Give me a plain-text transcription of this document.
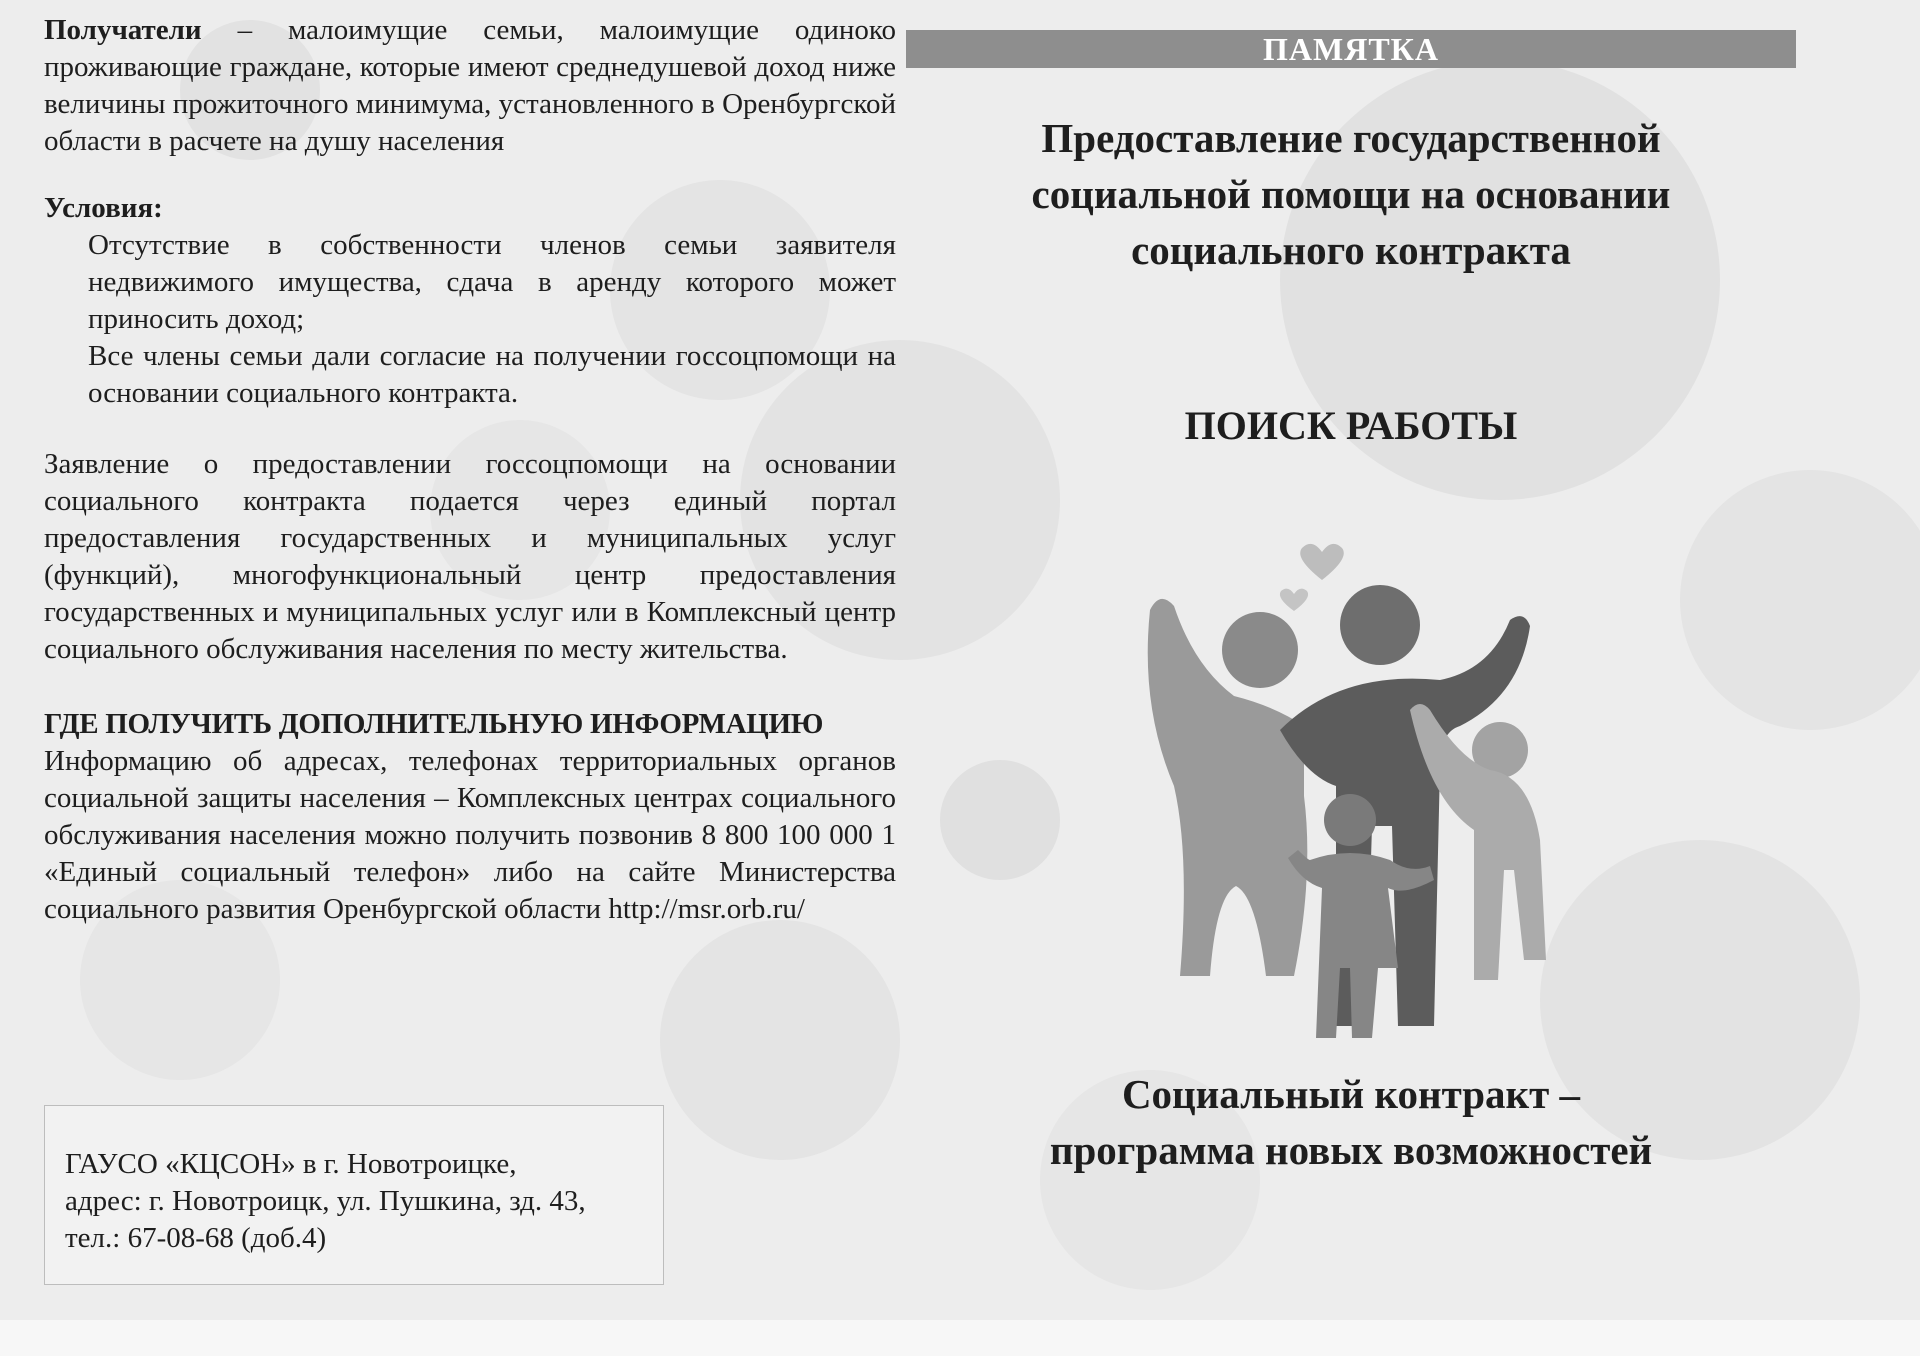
Получатели – малоимущие семьи, малоимущие одиноко проживающие граждане, которые имеют среднедушевой доход ниже величины прожиточного минимума, установленного в Оренбургской области в расчете на душу населения

Условия:

Отсутствие в собственности членов семьи заявителя недвижимого имущества, сдача в аренду которого может приносить доход;

Все члены семьи дали согласие на получении госсоцпомощи на основании социального контракта.

Заявление о предоставлении госсоцпомощи на основании социального контракта подается через единый портал предоставления государственных и муниципальных услуг (функций), многофункциональный центр предоставления государственных и муниципальных услуг или в Комплексный центр социального обслуживания населения по месту жительства.

ГДЕ ПОЛУЧИТЬ ДОПОЛНИТЕЛЬНУЮ ИНФОРМАЦИЮ

Информацию об адресах, телефонах территориальных органов социальной защиты населения – Комплексных центрах социального обслуживания населения можно получить позвонив 8 800 100 000 1 «Единый социальный телефон» либо на сайте Министерства социального развития Оренбургской области http://msr.orb.ru/

ГАУСО «КЦСОН» в г. Новотроицке,
адрес: г. Новотроицк, ул. Пушкина, зд. 43,
тел.: 67-08-68 (доб.4)
ПАМЯТКА
Предоставление государственной
социальной помощи на основании
социального контракта
ПОИСК РАБОТЫ
Социальный контракт –
программа новых возможностей
